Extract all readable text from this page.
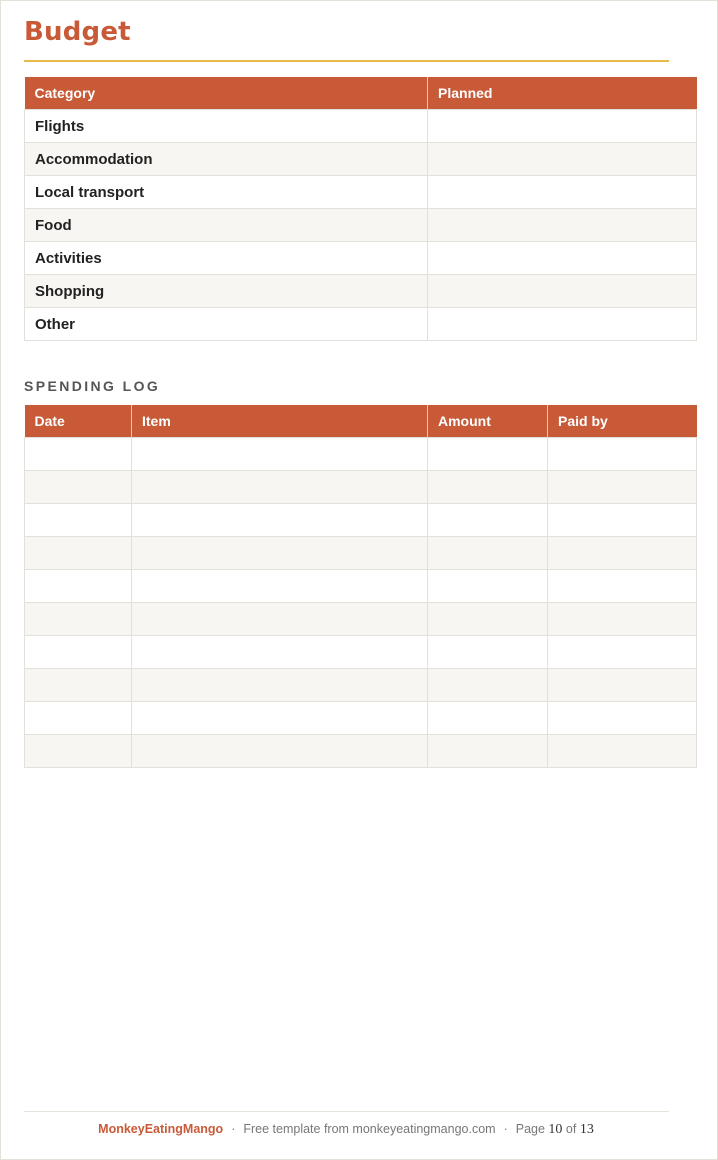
Budget
Category	Planned
Flights	
Accommodation	
Local transport	
Food	
Activities	
Shopping	
Other	
SPENDING LOG
Date	Item	Amount	Paid by

MonkeyEatingMango · Free template from monkeyeatingmango.com · Page 10 of 13
